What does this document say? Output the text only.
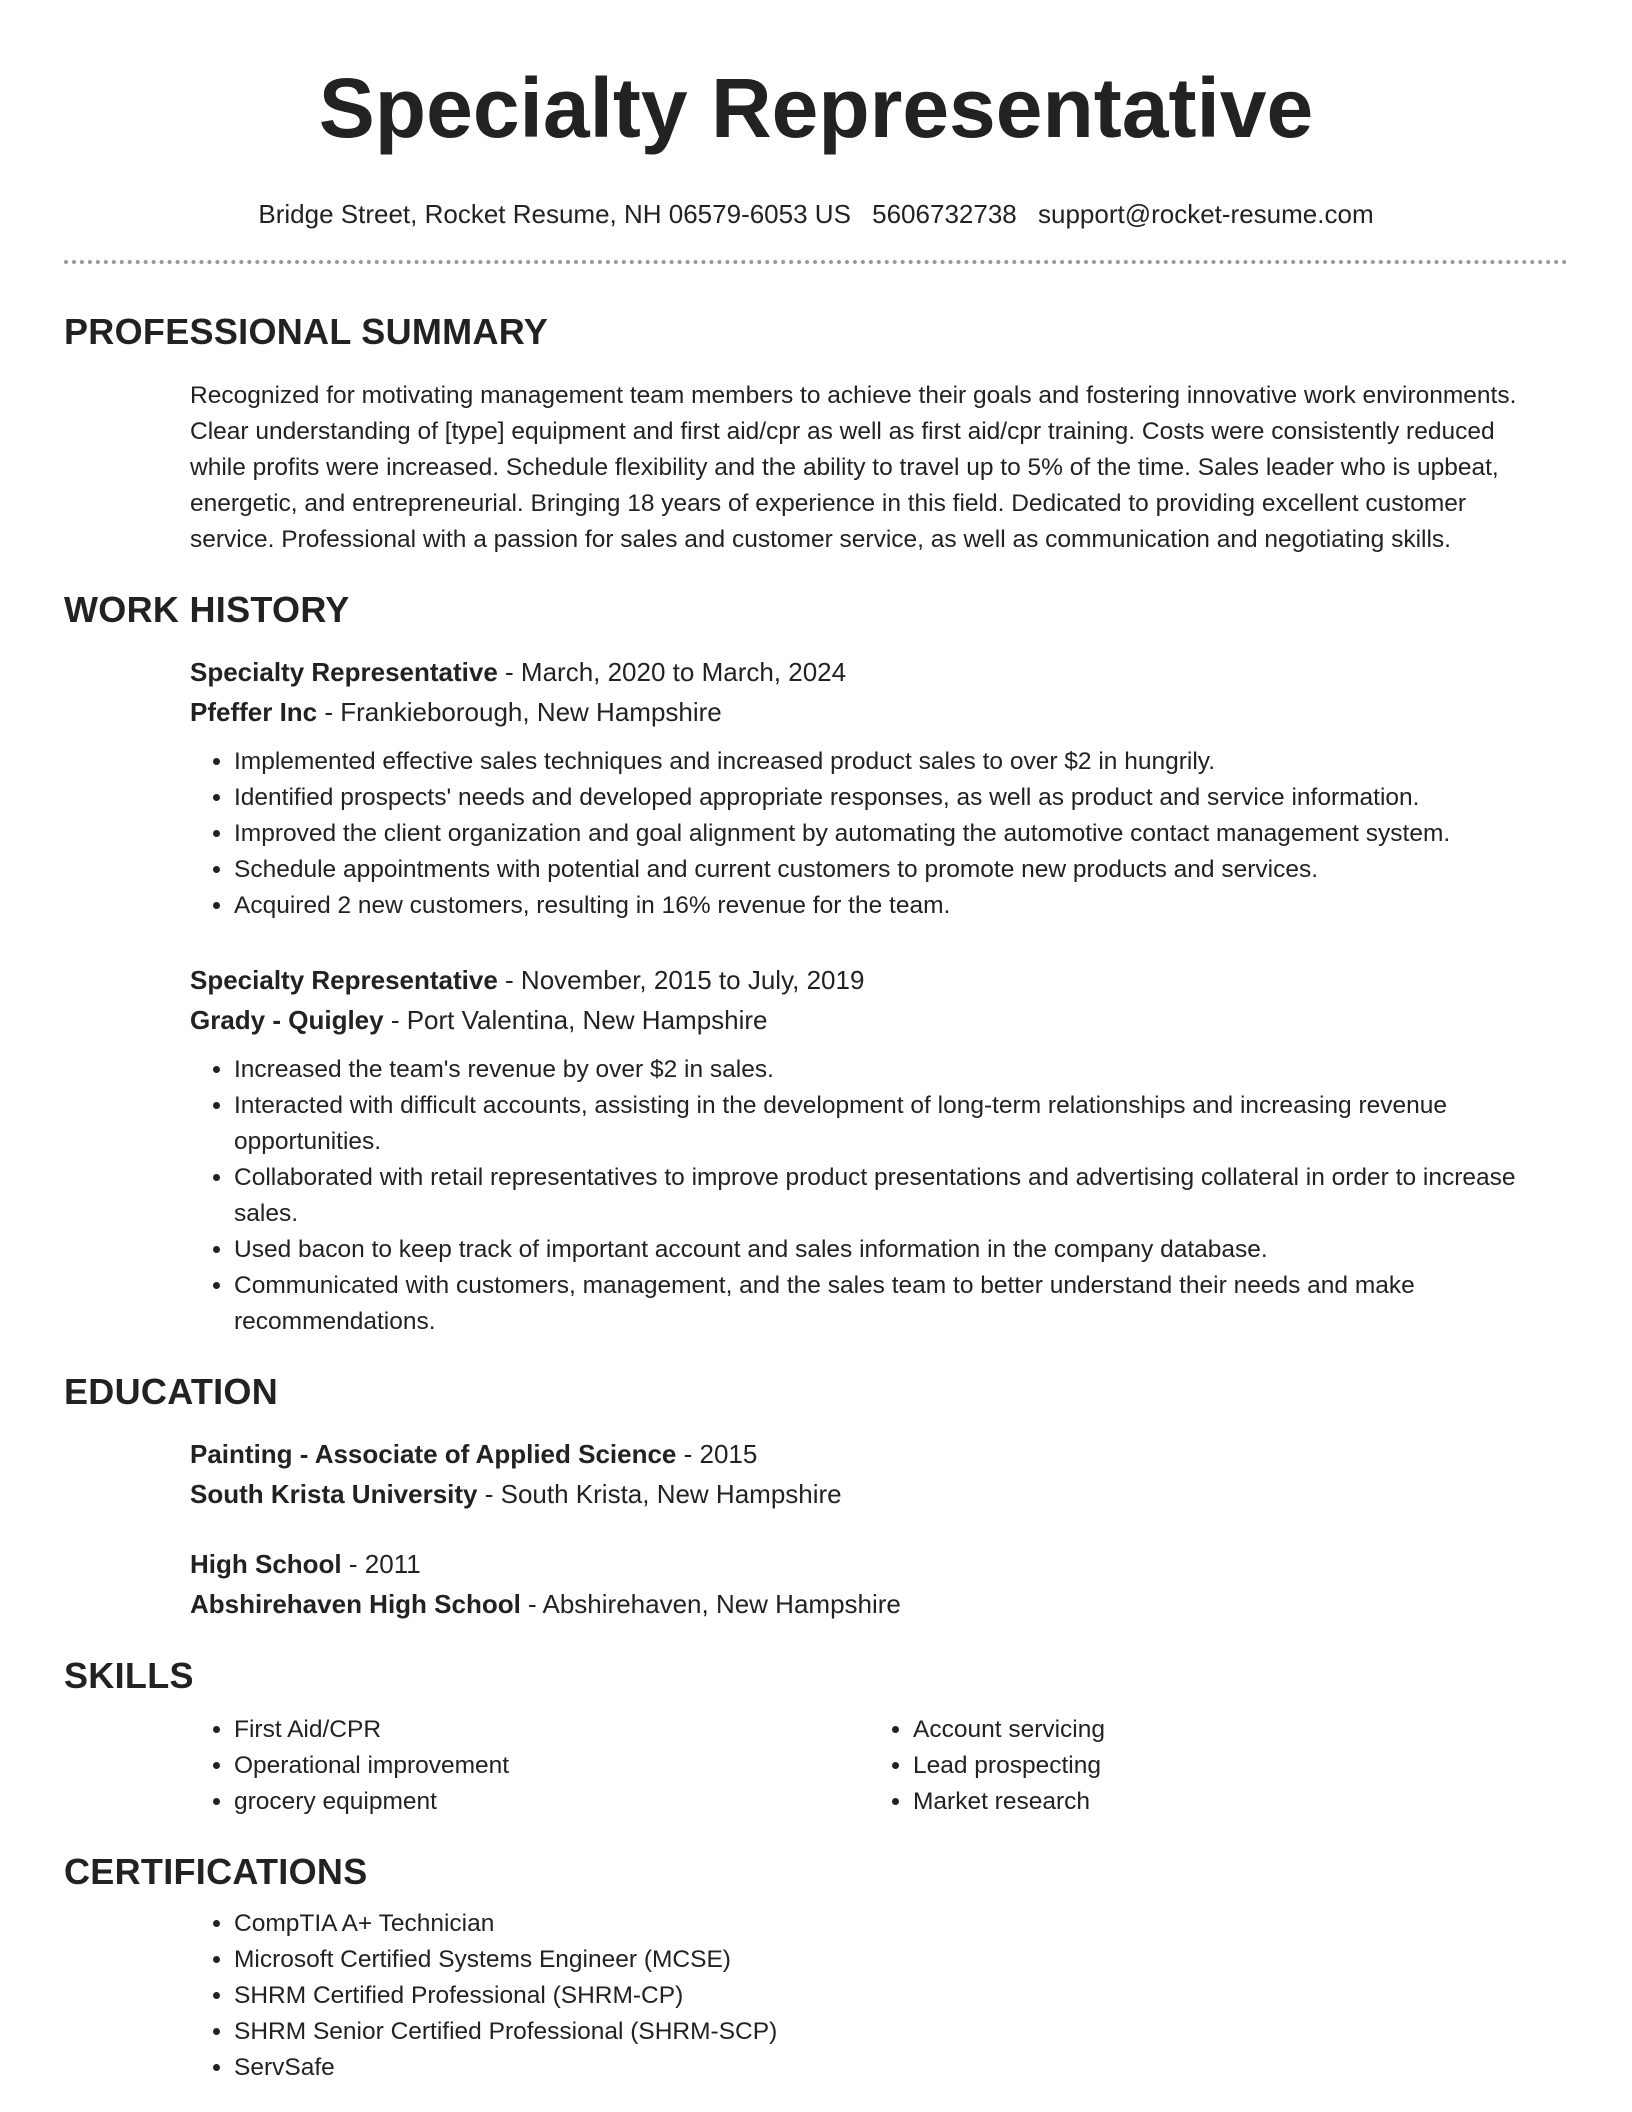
Specialty Representative
Bridge Street, Rocket Resume, NH 06579-6053 US 5606732738 support@rocket-resume.com
PROFESSIONAL SUMMARY
Recognized for motivating management team members to achieve their goals and fostering innovative work environments. Clear understanding of [type] equipment and first aid/cpr as well as first aid/cpr training. Costs were consistently reduced while profits were increased. Schedule flexibility and the ability to travel up to 5% of the time. Sales leader who is upbeat, energetic, and entrepreneurial. Bringing 18 years of experience in this field. Dedicated to providing excellent customer service. Professional with a passion for sales and customer service, as well as communication and negotiating skills.
WORK HISTORY
Specialty Representative - March, 2020 to March, 2024
Pfeffer Inc - Frankieborough, New Hampshire
• Implemented effective sales techniques and increased product sales to over $2 in hungrily.
• Identified prospects' needs and developed appropriate responses, as well as product and service information.
• Improved the client organization and goal alignment by automating the automotive contact management system.
• Schedule appointments with potential and current customers to promote new products and services.
• Acquired 2 new customers, resulting in 16% revenue for the team.
Specialty Representative - November, 2015 to July, 2019
Grady - Quigley - Port Valentina, New Hampshire
• Increased the team's revenue by over $2 in sales.
• Interacted with difficult accounts, assisting in the development of long-term relationships and increasing revenue opportunities.
• Collaborated with retail representatives to improve product presentations and advertising collateral in order to increase sales.
• Used bacon to keep track of important account and sales information in the company database.
• Communicated with customers, management, and the sales team to better understand their needs and make recommendations.
EDUCATION
Painting - Associate of Applied Science - 2015
South Krista University - South Krista, New Hampshire
High School - 2011
Abshirehaven High School - Abshirehaven, New Hampshire
SKILLS
• First Aid/CPR
• Operational improvement
• grocery equipment
• Account servicing
• Lead prospecting
• Market research
CERTIFICATIONS
• CompTIA A+ Technician
• Microsoft Certified Systems Engineer (MCSE)
• SHRM Certified Professional (SHRM-CP)
• SHRM Senior Certified Professional (SHRM-SCP)
• ServSafe
